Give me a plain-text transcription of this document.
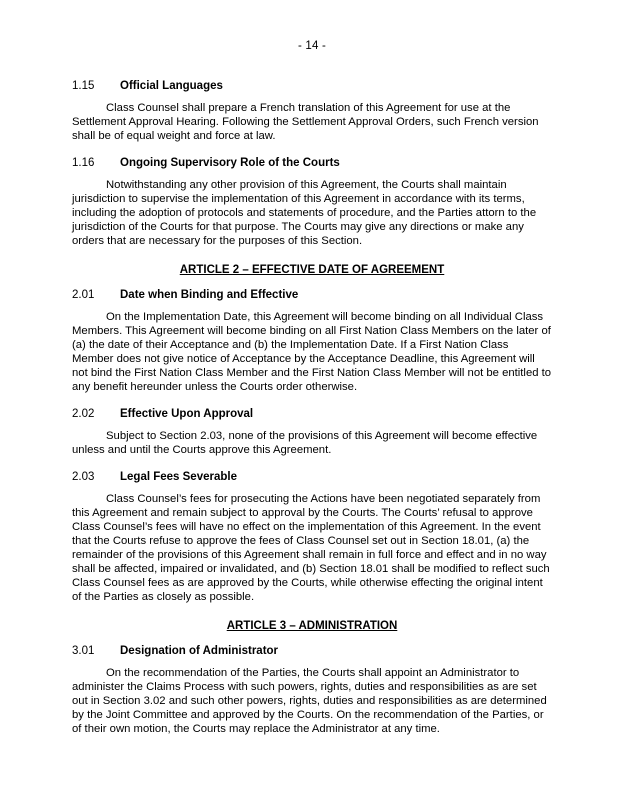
- 14 -
1.15	Official Languages

Class Counsel shall prepare a French translation of this Agreement for use at the Settlement Approval Hearing. Following the Settlement Approval Orders, such French version shall be of equal weight and force at law.

1.16	Ongoing Supervisory Role of the Courts

Notwithstanding any other provision of this Agreement, the Courts shall maintain jurisdiction to supervise the implementation of this Agreement in accordance with its terms, including the adoption of protocols and statements of procedure, and the Parties attorn to the jurisdiction of the Courts for that purpose. The Courts may give any directions or make any orders that are necessary for the purposes of this Section.

ARTICLE 2 – EFFECTIVE DATE OF AGREEMENT
2.01	Date when Binding and Effective

On the Implementation Date, this Agreement will become binding on all Individual Class Members. This Agreement will become binding on all First Nation Class Members on the later of (a) the date of their Acceptance and (b) the Implementation Date. If a First Nation Class Member does not give notice of Acceptance by the Acceptance Deadline, this Agreement will not bind the First Nation Class Member and the First Nation Class Member will not be entitled to any benefit hereunder unless the Courts order otherwise.

2.02	Effective Upon Approval

Subject to Section 2.03, none of the provisions of this Agreement will become effective unless and until the Courts approve this Agreement.

2.03	Legal Fees Severable

Class Counsel’s fees for prosecuting the Actions have been negotiated separately from this Agreement and remain subject to approval by the Courts. The Courts’ refusal to approve Class Counsel’s fees will have no effect on the implementation of this Agreement. In the event that the Courts refuse to approve the fees of Class Counsel set out in Section 18.01, (a) the remainder of the provisions of this Agreement shall remain in full force and effect and in no way shall be affected, impaired or invalidated, and (b) Section 18.01 shall be modified to reflect such Class Counsel fees as are approved by the Courts, while otherwise effecting the original intent of the Parties as closely as possible.

ARTICLE 3 – ADMINISTRATION
3.01	Designation of Administrator

On the recommendation of the Parties, the Courts shall appoint an Administrator to administer the Claims Process with such powers, rights, duties and responsibilities as are set out in Section 3.02 and such other powers, rights, duties and responsibilities as are determined by the Joint Committee and approved by the Courts. On the recommendation of the Parties, or of their own motion, the Courts may replace the Administrator at any time.
